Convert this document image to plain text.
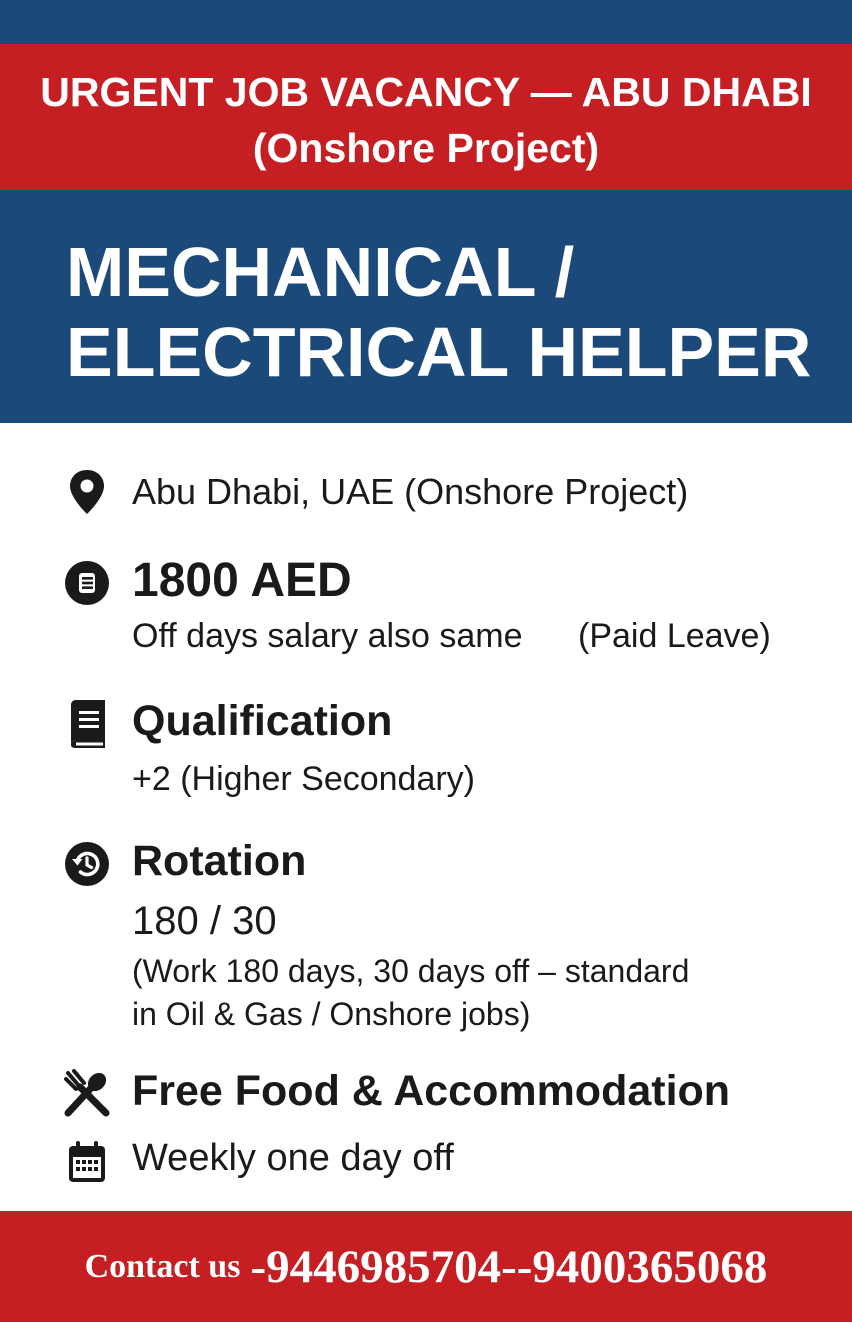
URGENT JOB VACANCY — ABU DHABI
(Onshore Project)
MECHANICAL /
ELECTRICAL HELPER
Abu Dhabi, UAE (Onshore Project)
1800 AED
Off days salary also same (Paid Leave)
Qualification
+2 (Higher Secondary)
Rotation
180 / 30
(Work 180 days, 30 days off – standard
in Oil & Gas / Onshore jobs)
Free Food & Accommodation
Weekly one day off
Contact us -9446985704--9400365068
